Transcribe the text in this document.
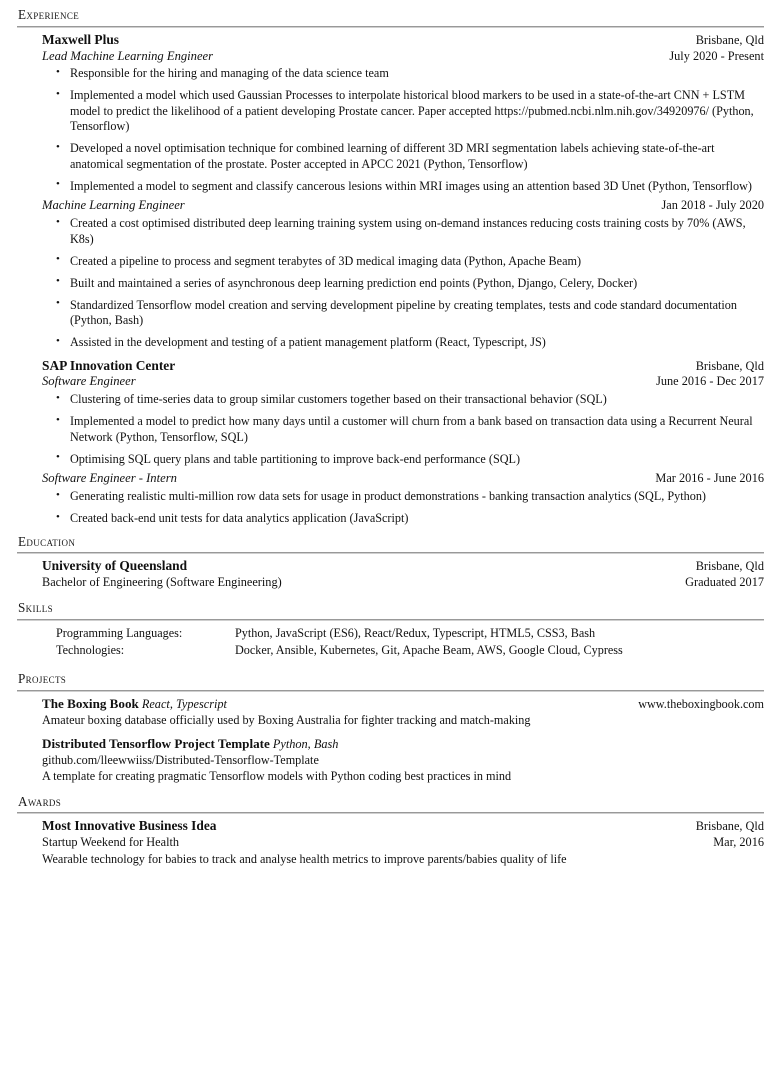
Experience
Maxwell Plus	Brisbane, Qld
Lead Machine Learning Engineer	July 2020 - Present
• Responsible for the hiring and managing of the data science team
• Implemented a model which used Gaussian Processes to interpolate historical blood markers to be used in a state-of-the-art CNN + LSTM model to predict the likelihood of a patient developing Prostate cancer. Paper accepted https://pubmed.ncbi.nlm.nih.gov/34920976/ (Python, Tensorflow)
• Developed a novel optimisation technique for combined learning of different 3D MRI segmentation labels achieving state-of-the-art anatomical segmentation of the prostate. Poster accepted in APCC 2021 (Python, Tensorflow)
• Implemented a model to segment and classify cancerous lesions within MRI images using an attention based 3D Unet (Python, Tensorflow)
Machine Learning Engineer	Jan 2018 - July 2020
• Created a cost optimised distributed deep learning training system using on-demand instances reducing costs training costs by 70% (AWS, K8s)
• Created a pipeline to process and segment terabytes of 3D medical imaging data (Python, Apache Beam)
• Built and maintained a series of asynchronous deep learning prediction end points (Python, Django, Celery, Docker)
• Standardized Tensorflow model creation and serving development pipeline by creating templates, tests and code standard documentation (Python, Bash)
• Assisted in the development and testing of a patient management platform (React, Typescript, JS)
SAP Innovation Center	Brisbane, Qld
Software Engineer	June 2016 - Dec 2017
• Clustering of time-series data to group similar customers together based on their transactional behavior (SQL)
• Implemented a model to predict how many days until a customer will churn from a bank based on transaction data using a Recurrent Neural Network (Python, Tensorflow, SQL)
• Optimising SQL query plans and table partitioning to improve back-end performance (SQL)
Software Engineer - Intern	Mar 2016 - June 2016
• Generating realistic multi-million row data sets for usage in product demonstrations - banking transaction analytics (SQL, Python)
• Created back-end unit tests for data analytics application (JavaScript)
Education
University of Queensland	Brisbane, Qld
Bachelor of Engineering (Software Engineering)	Graduated 2017
Skills
Programming Languages:	Python, JavaScript (ES6), React/Redux, Typescript, HTML5, CSS3, Bash
Technologies:	Docker, Ansible, Kubernetes, Git, Apache Beam, AWS, Google Cloud, Cypress
Projects
The Boxing Book React, Typescript	www.theboxingbook.com
Amateur boxing database officially used by Boxing Australia for fighter tracking and match-making
Distributed Tensorflow Project Template Python, Bash
github.com/lleewwiiss/Distributed-Tensorflow-Template
A template for creating pragmatic Tensorflow models with Python coding best practices in mind
Awards
Most Innovative Business Idea	Brisbane, Qld
Startup Weekend for Health	Mar, 2016
Wearable technology for babies to track and analyse health metrics to improve parents/babies quality of life
